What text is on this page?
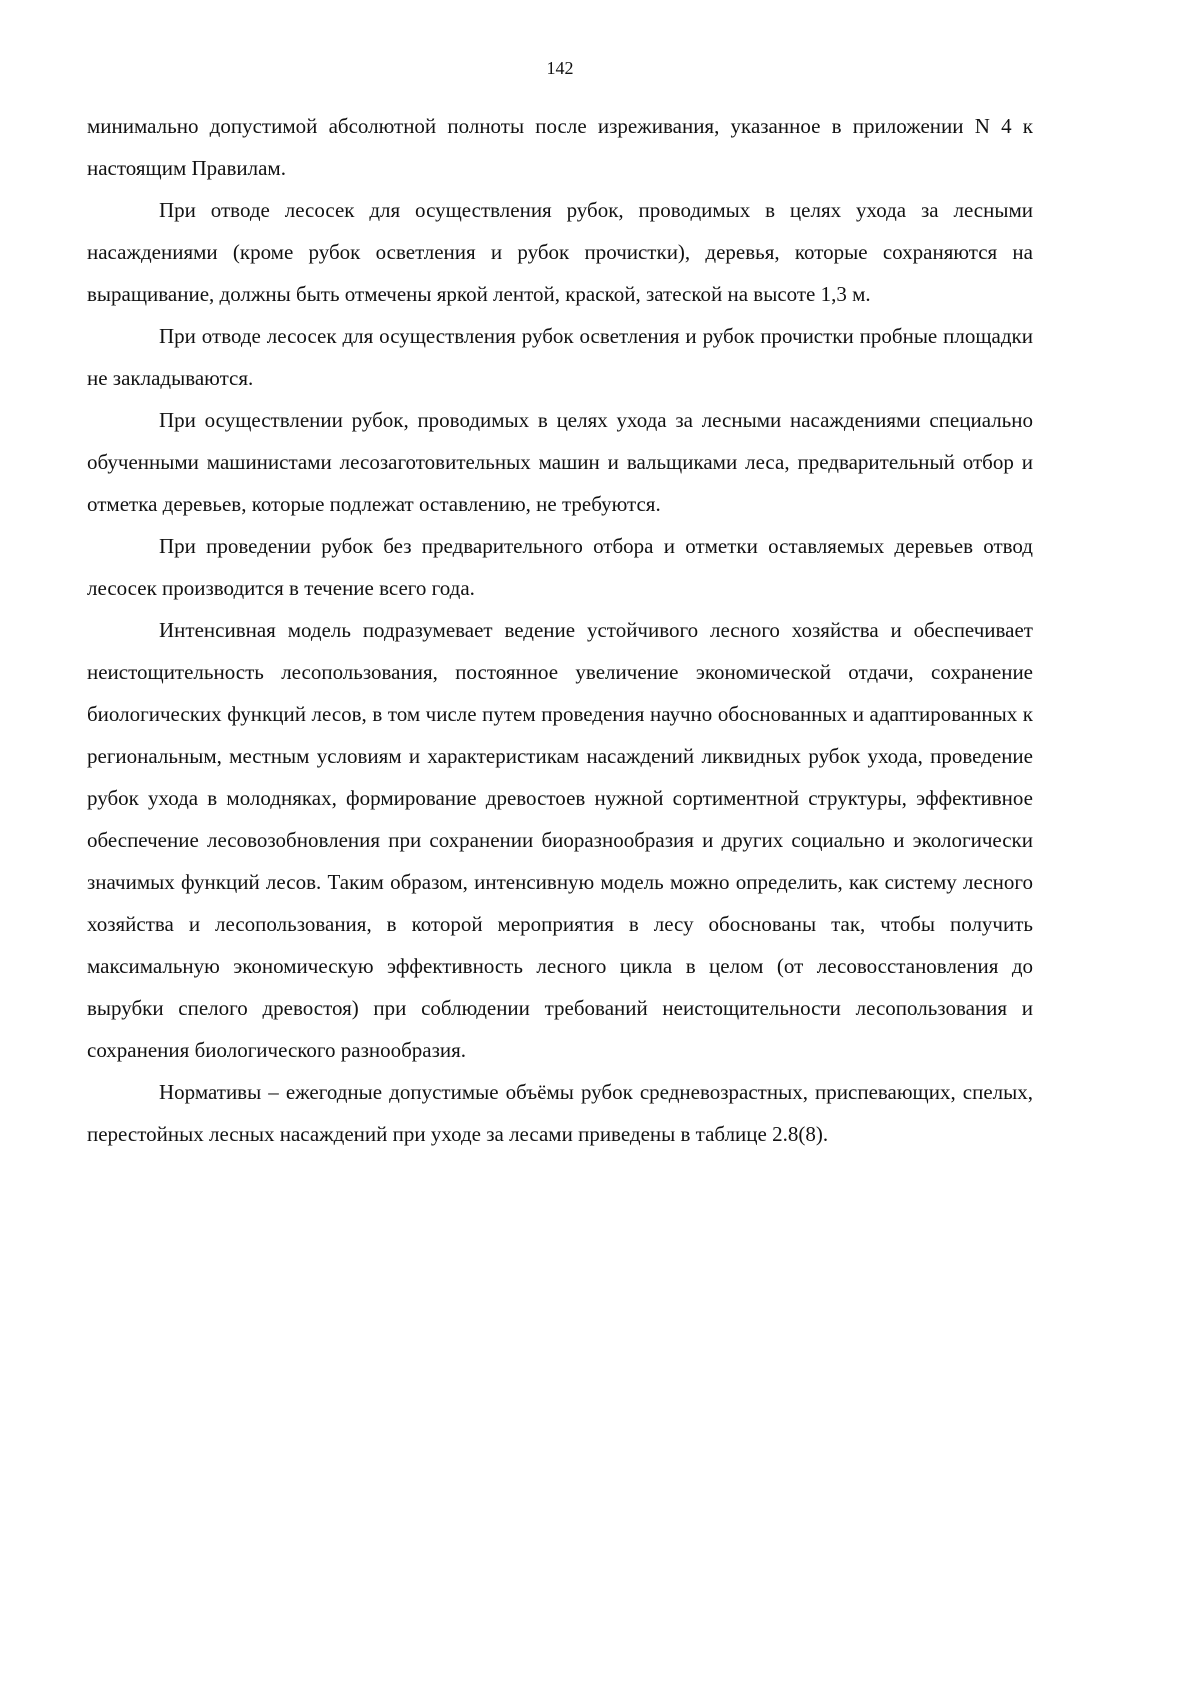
142

минимально допустимой абсолютной полноты после изреживания, указанное в приложении N 4 к настоящим Правилам.

При отводе лесосек для осуществления рубок, проводимых в целях ухода за лесными насаждениями (кроме рубок осветления и рубок прочистки), деревья, которые сохраняются на выращивание, должны быть отмечены яркой лентой, краской, затеской на высоте 1,3 м.

При отводе лесосек для осуществления рубок осветления и рубок прочистки пробные площадки не закладываются.

При осуществлении рубок, проводимых в целях ухода за лесными насаждениями специально обученными машинистами лесозаготовительных машин и вальщиками леса, предварительный отбор и отметка деревьев, которые подлежат оставлению, не требуются.

При проведении рубок без предварительного отбора и отметки оставляемых деревьев отвод лесосек производится в течение всего года.

Интенсивная модель подразумевает ведение устойчивого лесного хозяйства и обеспечивает неистощительность лесопользования, постоянное увеличение экономической отдачи, сохранение биологических функций лесов, в том числе путем проведения научно обоснованных и адаптированных к региональным, местным условиям и характеристикам насаждений ликвидных рубок ухода, проведение рубок ухода в молодняках, формирование древостоев нужной сортиментной структуры, эффективное обеспечение лесовозобновления при сохранении биоразнообразия и других социально и экологически значимых функций лесов. Таким образом, интенсивную модель можно определить, как систему лесного хозяйства и лесопользования, в которой мероприятия в лесу обоснованы так, чтобы получить максимальную экономическую эффективность лесного цикла в целом (от лесовосстановления до вырубки спелого древостоя) при соблюдении требований неистощительности лесопользования и сохранения биологического разнообразия.

Нормативы – ежегодные допустимые объёмы рубок средневозрастных, приспевающих, спелых, перестойных лесных насаждений при уходе за лесами приведены в таблице 2.8(8).
